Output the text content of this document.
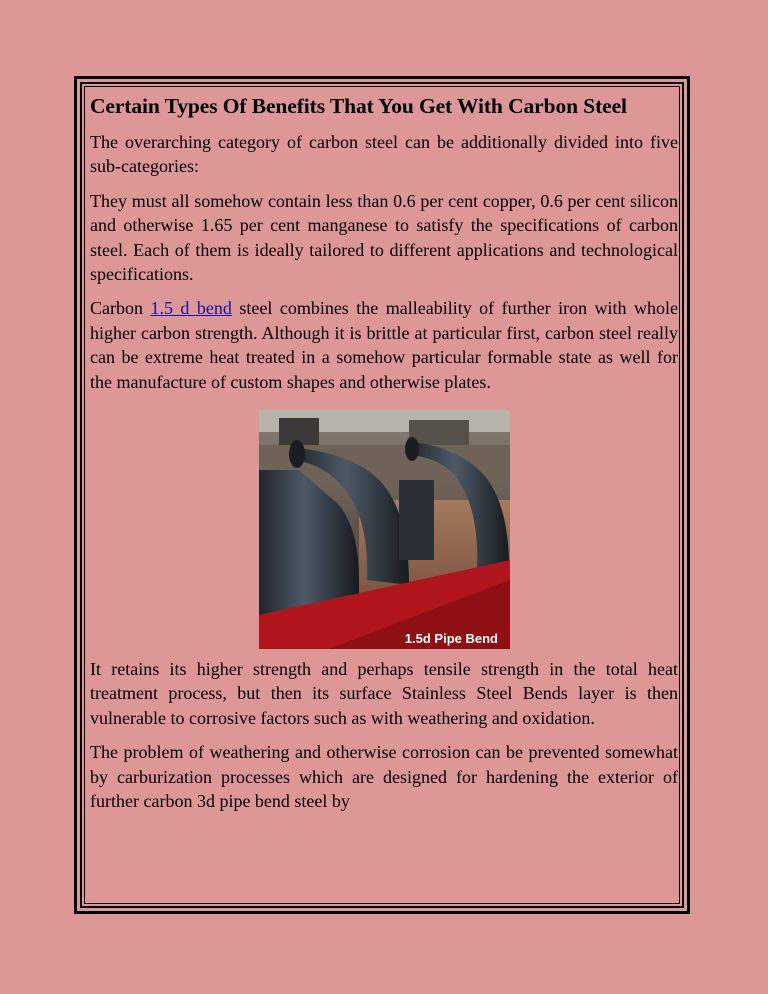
Certain Types Of Benefits That You Get With Carbon Steel

The overarching category of carbon steel can be additionally divided into five sub-categories:

They must all somehow contain less than 0.6 per cent copper, 0.6 per cent silicon and otherwise 1.65 per cent manganese to satisfy the specifications of carbon steel. Each of them is ideally tailored to different applications and technological specifications.

Carbon 1.5 d bend steel combines the malleability of further iron with whole higher carbon strength. Although it is brittle at particular first, carbon steel really can be extreme heat treated in a somehow particular formable state as well for the manufacture of custom shapes and otherwise plates.

1.5d Pipe Bend

It retains its higher strength and perhaps tensile strength in the total heat treatment process, but then its surface Stainless Steel Bends layer is then vulnerable to corrosive factors such as with weathering and oxidation.

The problem of weathering and otherwise corrosion can be prevented somewhat by carburization processes which are designed for hardening the exterior of further carbon 3d pipe bend steel by
